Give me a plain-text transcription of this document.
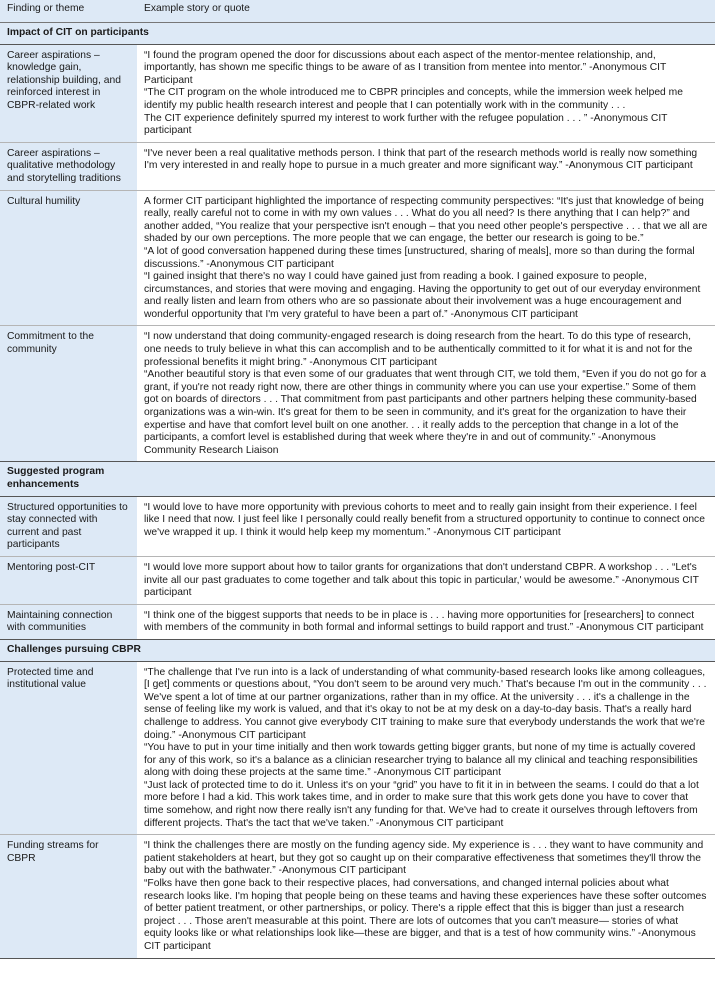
Finding or theme	Example story or quote
Impact of CIT on participants	
Career aspirations – knowledge gain, relationship building, and reinforced interest in CBPR-related work	“I found the program opened the door for discussions about each aspect of the mentor-mentee relationship, and, importantly, has shown me specific things to be aware of as I transition from mentee into mentor.” -Anonymous CIT Participant
“The CIT program on the whole introduced me to CBPR principles and concepts, while the immersion week helped me identify my public health research interest and people that I can potentially work with in the community . . .
The CIT experience definitely spurred my interest to work further with the refugee population . . . ” -Anonymous CIT participant

Career aspirations – qualitative methodology and storytelling traditions	“I've never been a real qualitative methods person. I think that part of the research methods world is really now something I'm very interested in and really hope to pursue in a much greater and more significant way.” -Anonymous CIT participant

Cultural humility	A former CIT participant highlighted the importance of respecting community perspectives: “It's just that knowledge of being really, really careful not to come in with my own values . . . What do you all need? Is there anything that I can help?” and another added, “You realize that your perspective isn't enough – that you need other people's perspective . . . that we all are shaded by our own perceptions. The more people that we can engage, the better our research is going to be.”
“A lot of good conversation happened during these times [unstructured, sharing of meals], more so than during the formal discussions.” -Anonymous CIT participant
“I gained insight that there's no way I could have gained just from reading a book. I gained exposure to people, circumstances, and stories that were moving and engaging. Having the opportunity to get out of our everyday environment and really listen and learn from others who are so passionate about their involvement was a huge encouragement and wonderful opportunity that I'm very grateful to have been a part of.” -Anonymous CIT participant

Commitment to the community	“I now understand that doing community-engaged research is doing research from the heart. To do this type of research, one needs to truly believe in what this can accomplish and to be authentically committed to it for what it is and not for the professional benefits it might bring.” -Anonymous CIT participant
“Another beautiful story is that even some of our graduates that went through CIT, we told them, “Even if you do not go for a grant, if you're not ready right now, there are other things in community where you can use your expertise.” Some of them got on boards of directors . . . That commitment from past participants and other partners helping these community-based organizations was a win-win. It's great for them to be seen in community, and it's great for the organization to have their expertise and have that comfort level built on one another. . . it really adds to the perception that change in a lot of the participants, a comfort level is established during that week where they're in and out of community.” -Anonymous Community Research Liaison

Suggested program enhancements	
Structured opportunities to stay connected with current and past participants	“I would love to have more opportunity with previous cohorts to meet and to really gain insight from their experience. I feel like I need that now. I just feel like I personally could really benefit from a structured opportunity to continue to connect once we've wrapped it up. I think it would help keep my momentum.” -Anonymous CIT participant

Mentoring post-CIT	“I would love more support about how to tailor grants for organizations that don't understand CBPR. A workshop . . . “Let's invite all our past graduates to come together and talk about this topic in particular,' would be awesome.” -Anonymous CIT participant

Maintaining connection with communities	“I think one of the biggest supports that needs to be in place is . . . having more opportunities for [researchers] to connect with members of the community in both formal and informal settings to build rapport and trust.” -Anonymous CIT participant

Challenges pursuing CBPR	
Protected time and institutional value	“The challenge that I've run into is a lack of understanding of what community-based research looks like among colleagues, [I get] comments or questions about, “You don't seem to be around very much.' That's because I'm out in the community . . . We've spent a lot of time at our partner organizations, rather than in my office. At the university . . . it's a challenge in the sense of feeling like my work is valued, and that it's okay to not be at my desk on a day-to-day basis. That's a really hard challenge to address. You cannot give everybody CIT training to make sure that everybody understands the work that we're doing.” -Anonymous CIT participant
“You have to put in your time initially and then work towards getting bigger grants, but none of my time is actually covered for any of this work, so it's a balance as a clinician researcher trying to balance all my clinical and teaching responsibilities along with doing these projects at the same time.” -Anonymous CIT participant
“Just lack of protected time to do it. Unless it's on your “grid” you have to fit it in in between the seams. I could do that a lot more before I had a kid. This work takes time, and in order to make sure that this work gets done you have to cover that time somehow, and right now there really isn't any funding for that. We've had to create it ourselves through leftovers from different projects. That's the tact that we've taken.” -Anonymous CIT participant

Funding streams for CBPR	“I think the challenges there are mostly on the funding agency side. My experience is . . . they want to have community and patient stakeholders at heart, but they got so caught up on their comparative effectiveness that sometimes they'll throw the baby out with the bathwater.” -Anonymous CIT participant
“Folks have then gone back to their respective places, had conversations, and changed internal policies about what research looks like. I'm hoping that people being on these teams and having these experiences have these softer outcomes of better patient treatment, or other partnerships, or policy. There's a ripple effect that this is bigger than just a research project . . . Those aren't measurable at this point. There are lots of outcomes that you can't measure— stories of what equity looks like or what relationships look like—these are bigger, and that is a test of how community wins.” -Anonymous CIT participant
